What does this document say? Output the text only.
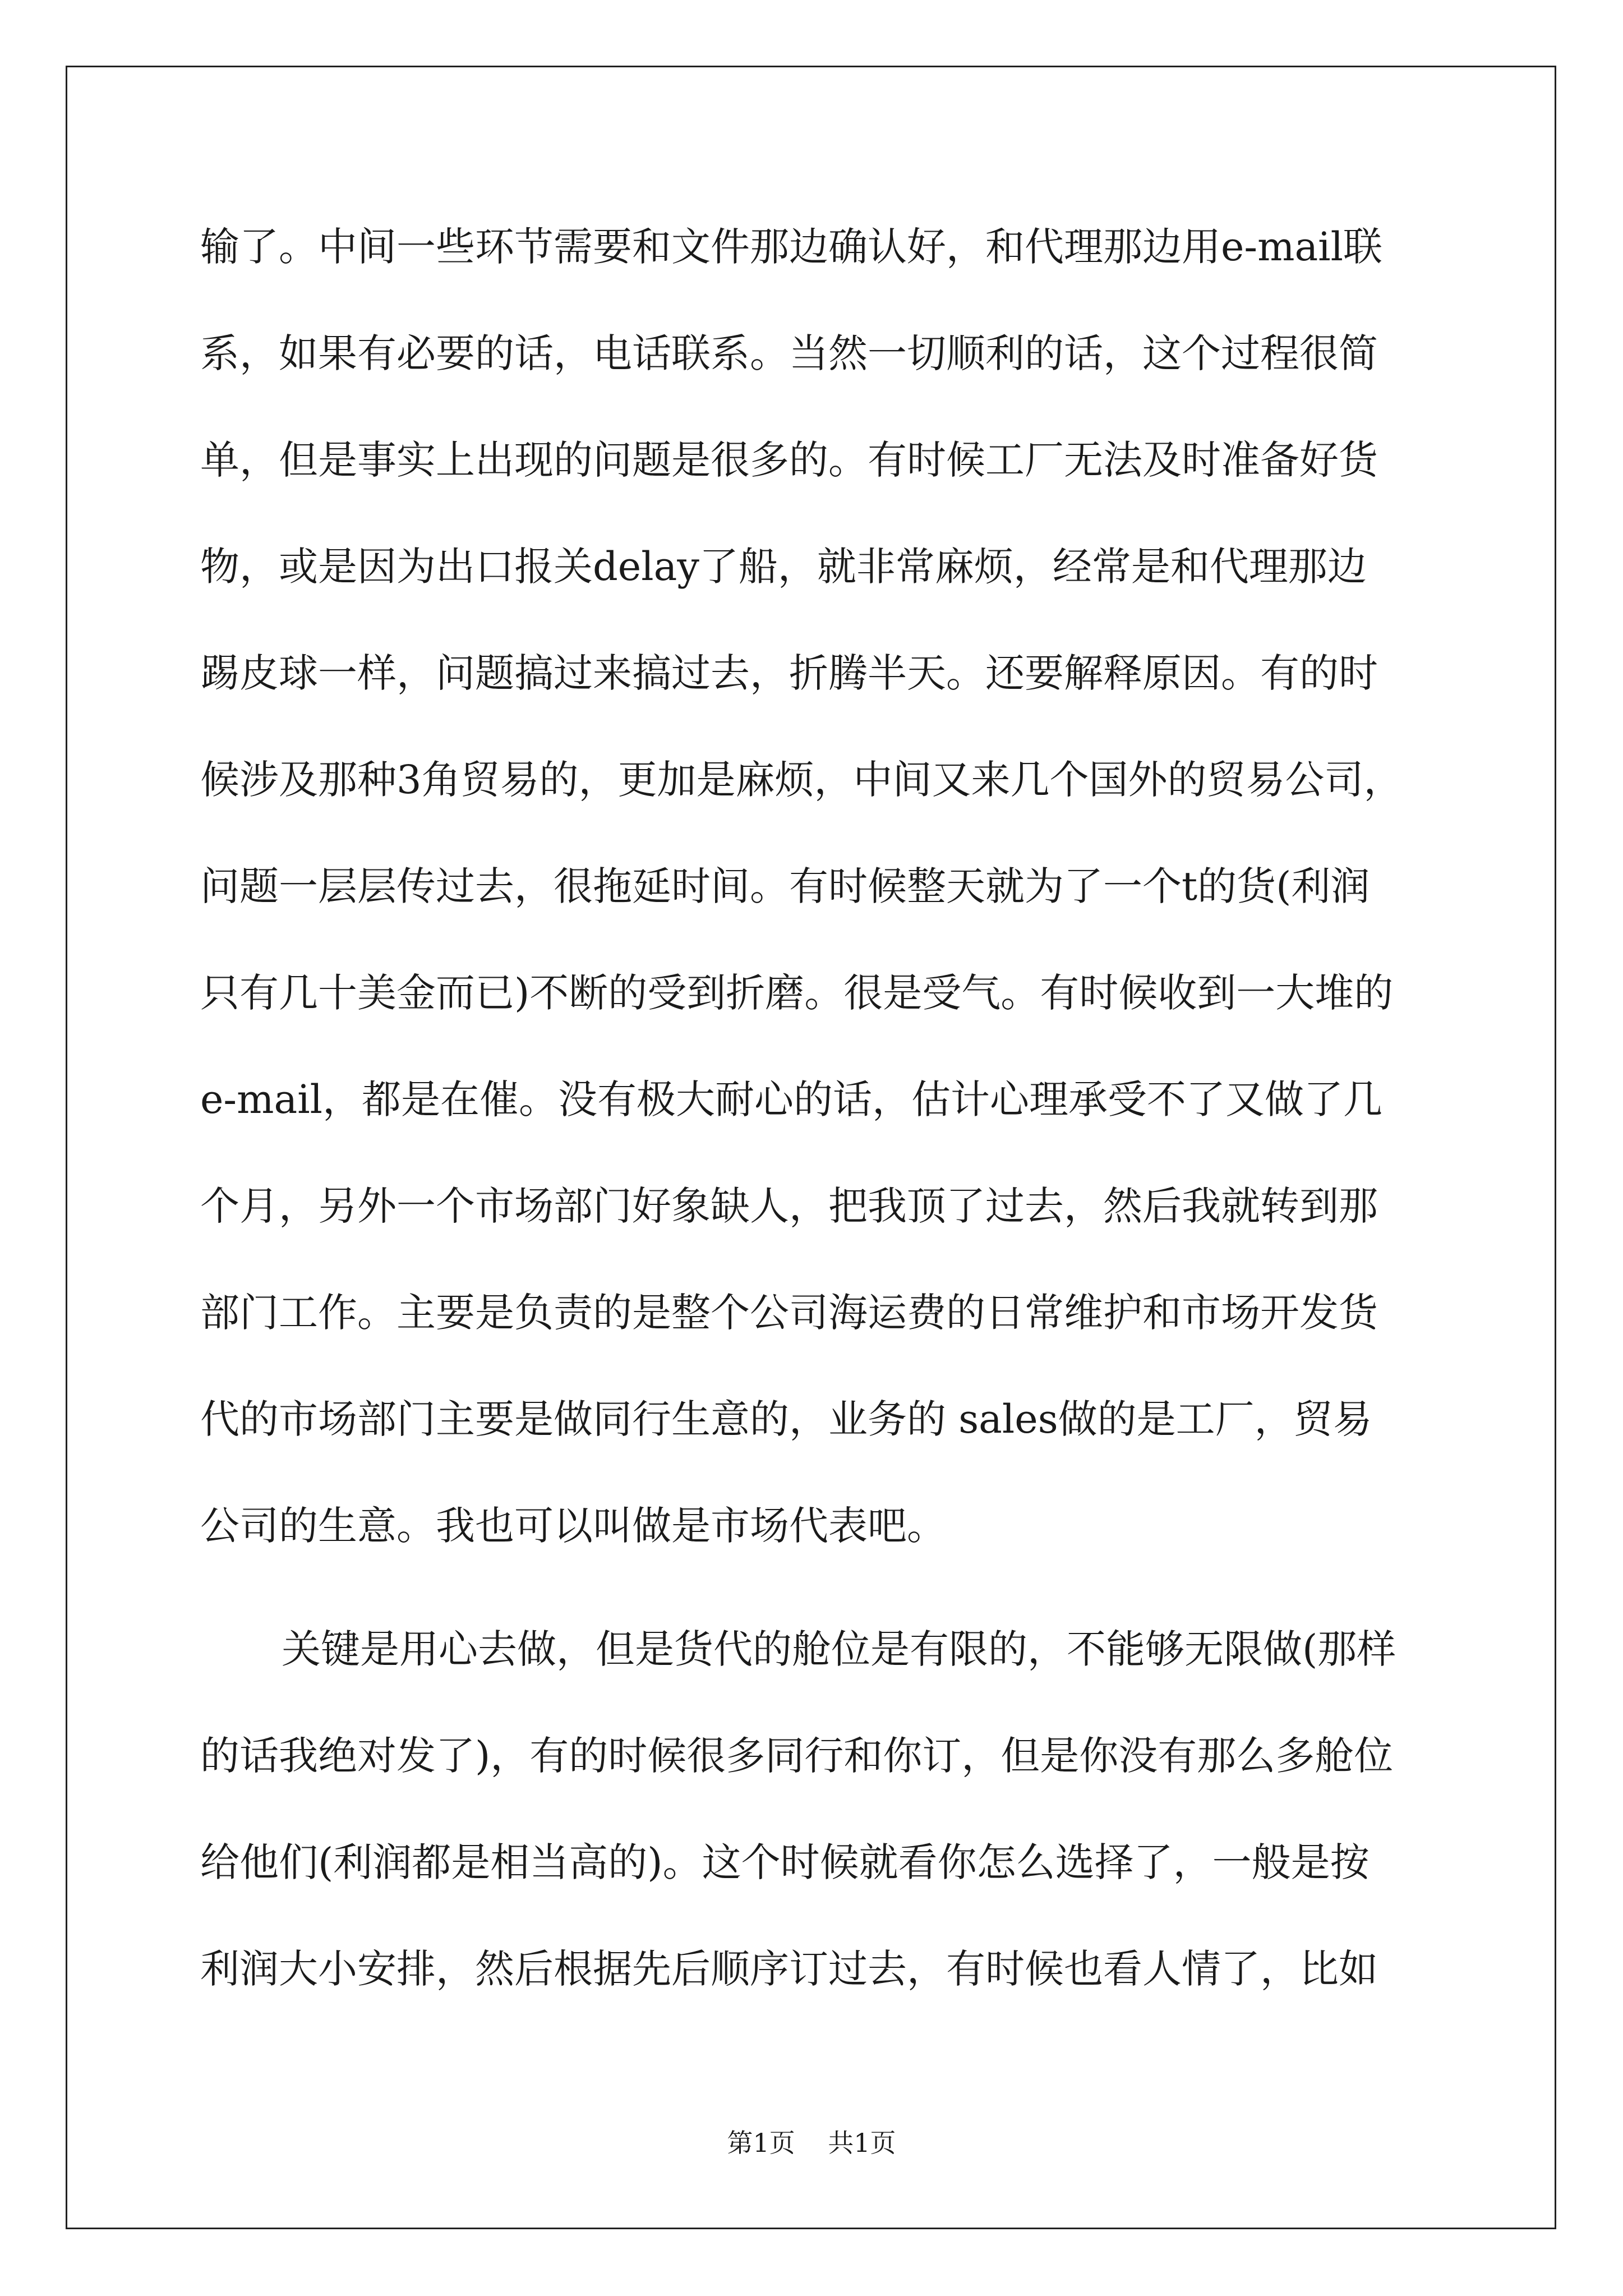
输了。中间一些环节需要和文件那边确认好，和代理那边用e-mail联
系，如果有必要的话，电话联系。当然一切顺利的话，这个过程很简
单，但是事实上出现的问题是很多的。有时候工厂无法及时准备好货
物，或是因为出口报关delay了船，就非常麻烦，经常是和代理那边
踢皮球一样，问题搞过来搞过去，折腾半天。还要解释原因。有的时
候涉及那种3角贸易的，更加是麻烦，中间又来几个国外的贸易公司，
问题一层层传过去，很拖延时间。有时候整天就为了一个t的货(利润
只有几十美金而已)不断的受到折磨。很是受气。有时候收到一大堆的
e-mail，都是在催。没有极大耐心的话，估计心理承受不了又做了几
个月，另外一个市场部门好象缺人，把我顶了过去，然后我就转到那
部门工作。主要是负责的是整个公司海运费的日常维护和市场开发货
代的市场部门主要是做同行生意的，业务的 sales做的是工厂，贸易
公司的生意。我也可以叫做是市场代表吧。
关键是用心去做，但是货代的舱位是有限的，不能够无限做(那样
的话我绝对发了)，有的时候很多同行和你订，但是你没有那么多舱位
给他们(利润都是相当高的)。这个时候就看你怎么选择了，一般是按
利润大小安排，然后根据先后顺序订过去，有时候也看人情了，比如
第1页 共1页
